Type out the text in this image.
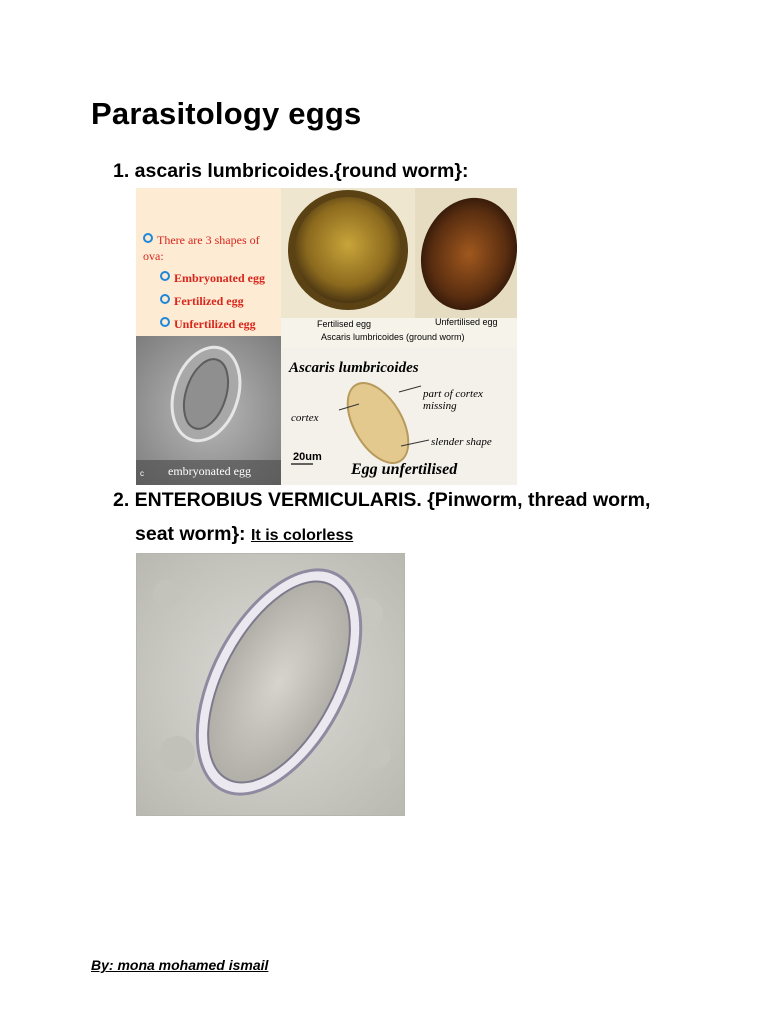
Parasitology eggs
1. ascaris lumbricoides.{round worm}:
There are 3 shapes of ova:
Embryonated egg
Fertilized egg
Unfertilized egg	Fertilised egg	Unfertilised egg
Ascaris lumbricoides (ground worm)
embryonated egg
c
Ascaris lumbricoides
cortex
part of cortex missing
slender shape
20um
Egg unfertilised
2. ENTEROBIUS VERMICULARIS. {Pinworm, thread worm,
seat worm}: It is colorless
By: mona mohamed ismail
